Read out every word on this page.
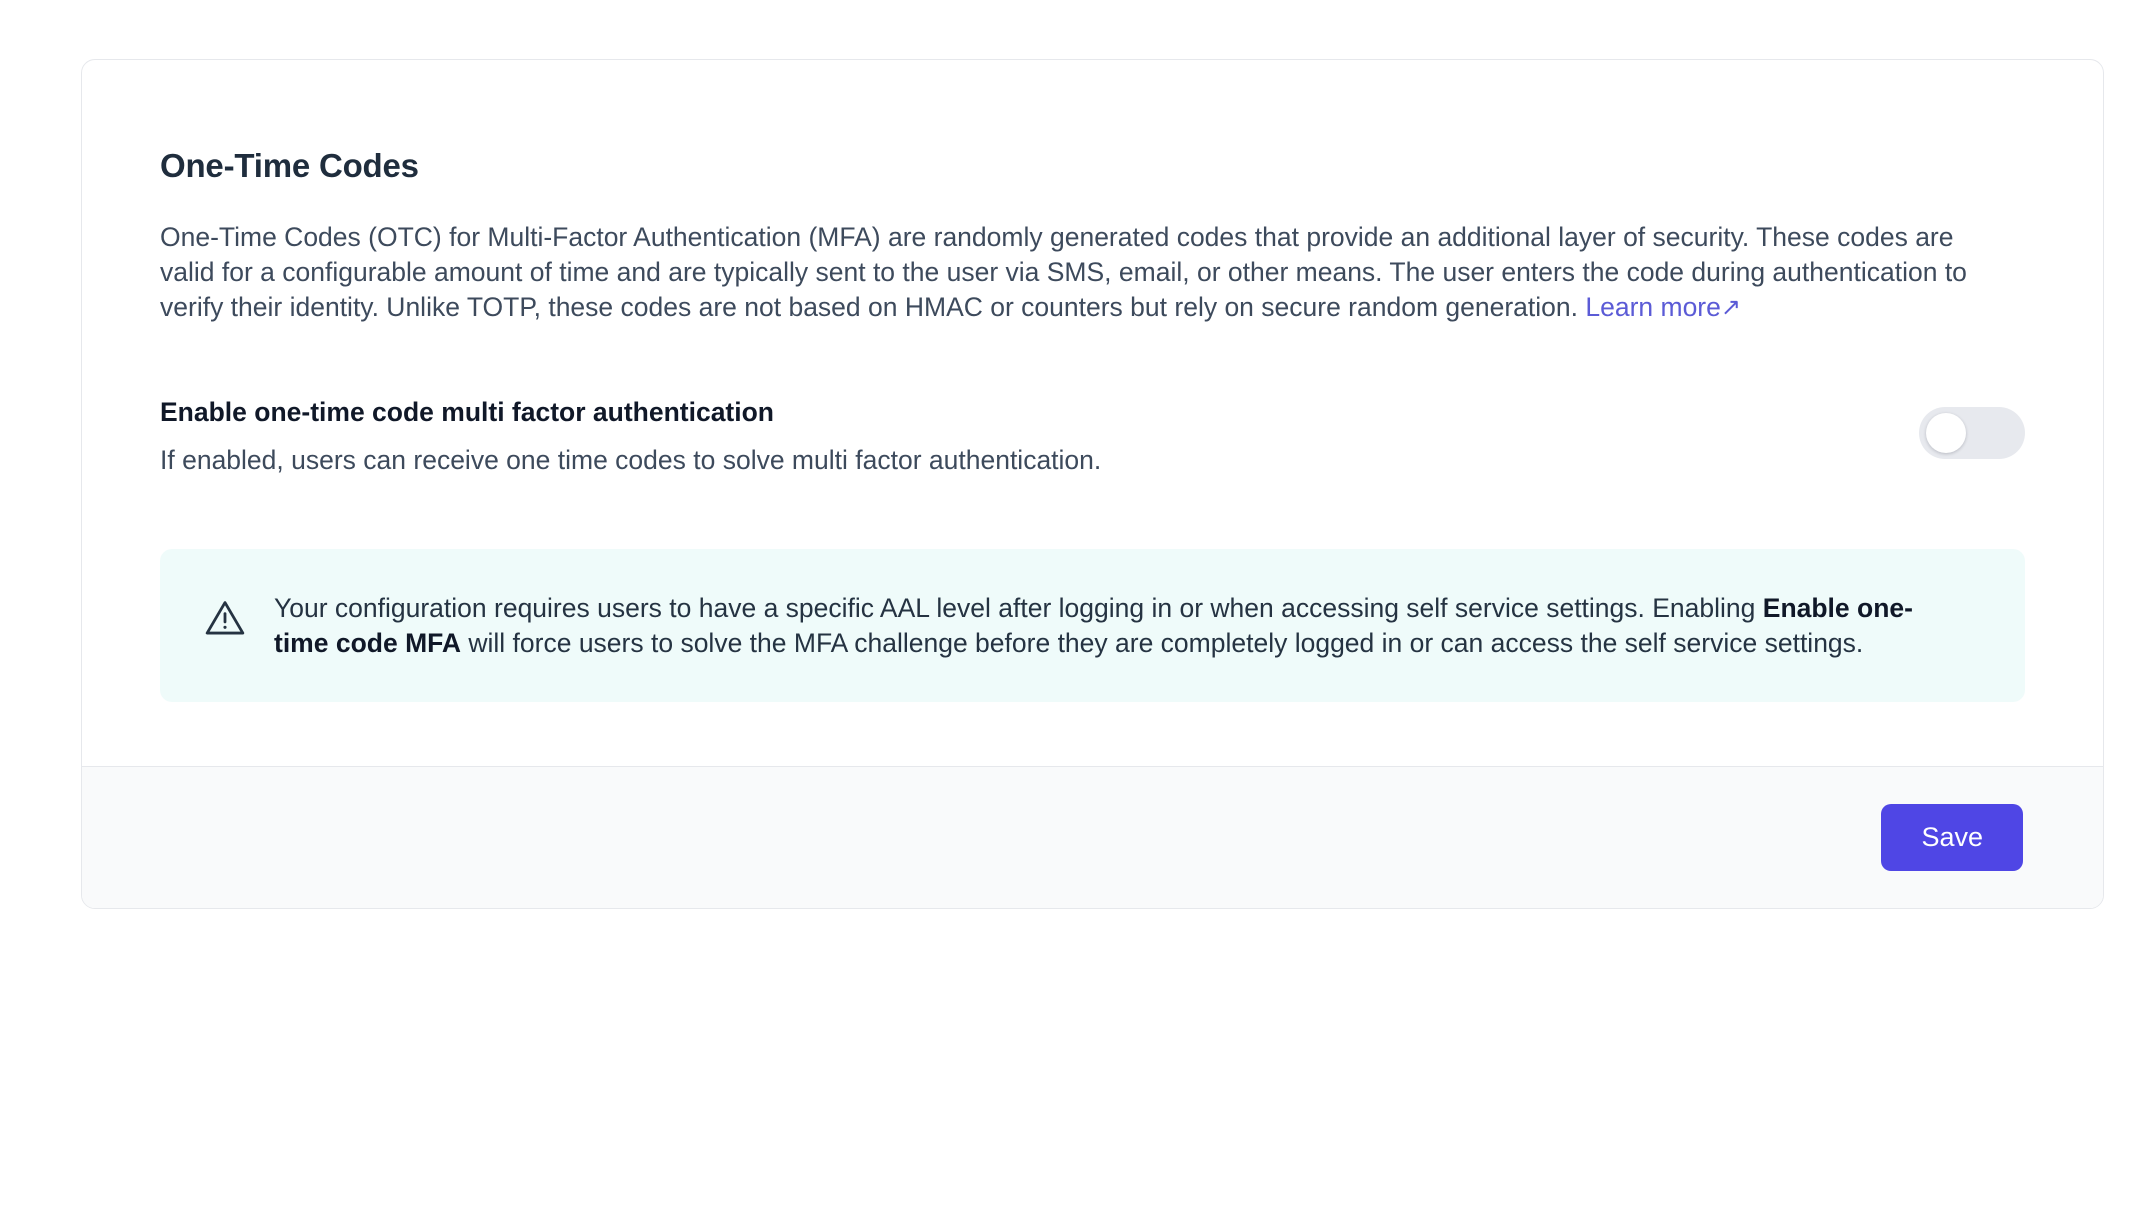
One-Time Codes

One-Time Codes (OTC) for Multi-Factor Authentication (MFA) are randomly generated codes that provide an additional layer of security. These codes are valid for a configurable amount of time and are typically sent to the user via SMS, email, or other means. The user enters the code during authentication to verify their identity. Unlike TOTP, these codes are not based on HMAC or counters but rely on secure random generation. Learn more↗

Enable one-time code multi factor authentication
If enabled, users can receive one time codes to solve multi factor authentication.
Your configuration requires users to have a specific AAL level after logging in or when accessing self service settings. Enabling Enable one-time code MFA will force users to solve the MFA challenge before they are completely logged in or can access the self service settings.
Save
